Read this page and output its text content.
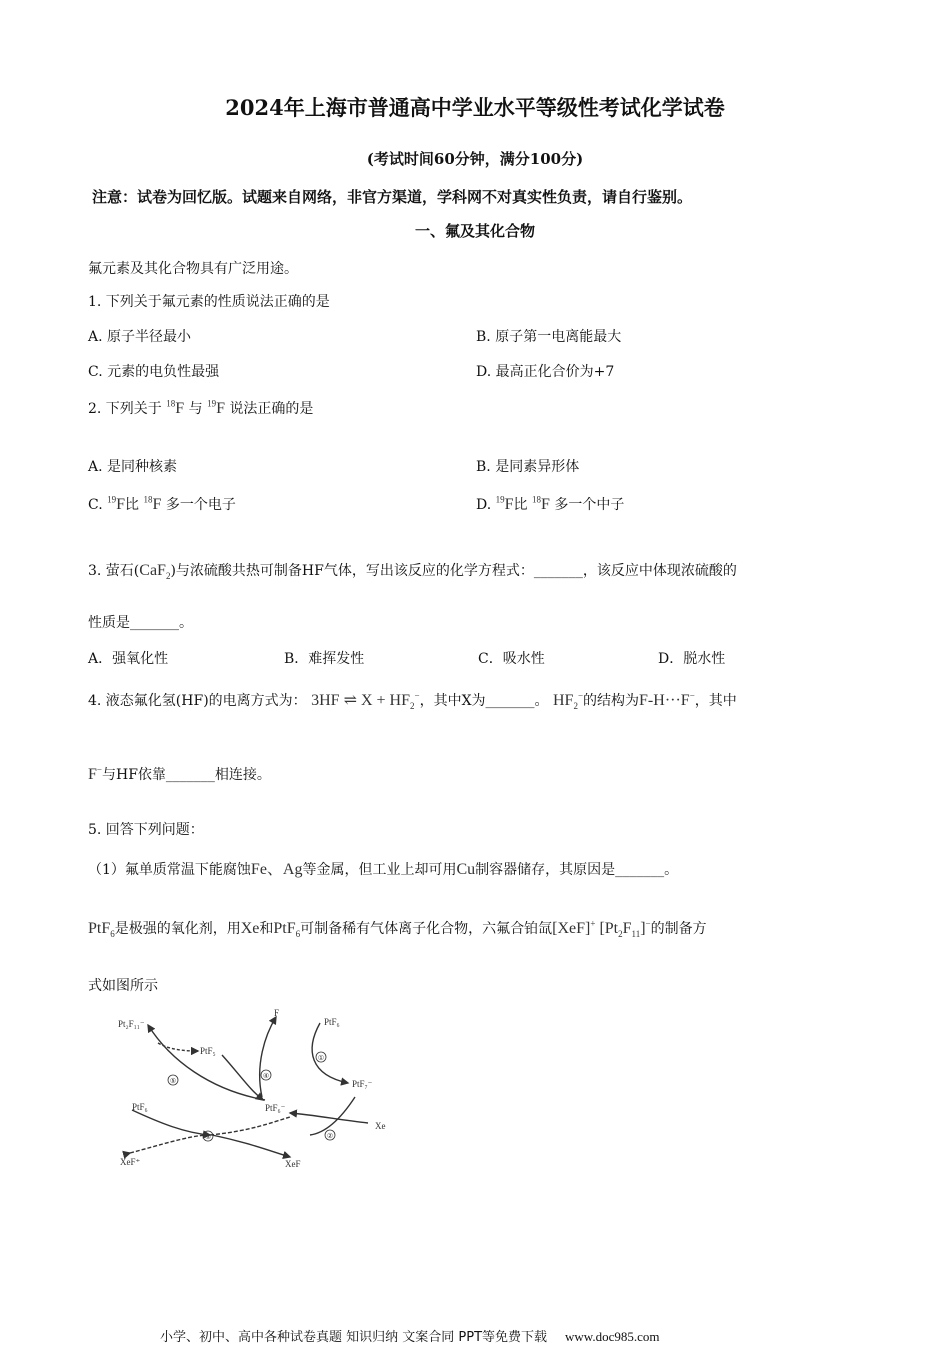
2024年上海市普通高中学业水平等级性考试化学试卷
(考试时间60分钟，满分100分)
注意：试卷为回忆版。试题来自网络，非官方渠道，学科网不对真实性负责，请自行鉴别。
一、氟及其化合物
氟元素及其化合物具有广泛用途。
1. 下列关于氟元素的性质说法正确的是
A. 原子半径最小	B. 原子第一电离能最大
C. 元素的电负性最强	D. 最高正化合价为+7
2. 下列关于 $^{18}$F 与 $^{19}$F 说法正确的是
A. 是同种核素	B. 是同素异形体
C. $^{19}$F比 $^{18}$F 多一个电子	D. $^{19}$F比 $^{18}$F 多一个中子
3. 萤石(CaF$_2$)与浓硫酸共热可制备HF气体，写出该反应的化学方程式：_______，该反应中体现浓硫酸的
性质是_______。
A．强氧化性	B．难挥发性	C．吸水性	D．脱水性
4. 液态氟化氢(HF)的电离方式为： 3HF ⇌ $X + HF_2^-$，其中X为_______。 $HF_2^-$的结构为F-H···F−，其中
F−与HF依靠_______相连接。
5. 回答下列问题：
（1）氟单质常温下能腐蚀Fe、Ag等金属，但工业上却可用Cu制容器储存，其原因是_______。
PtF$_6$是极强的氧化剂，用Xe和PtF$_6$可制备稀有气体离子化合物，六氟合铂氙[XeF]+ $[Pt_2F_{11}]^-$的制备方
式如图所示
Pt₂F₁₁⁻
PtF₅
F
PtF₆
PtF₇⁻
PtF₆	PtF₆⁻
Xe
XeF⁺	XeF
①
②
③
④
⑤
小学、初中、高中各种试卷真题 知识归纳 文案合同 PPT等免费下载 www.doc985.com
